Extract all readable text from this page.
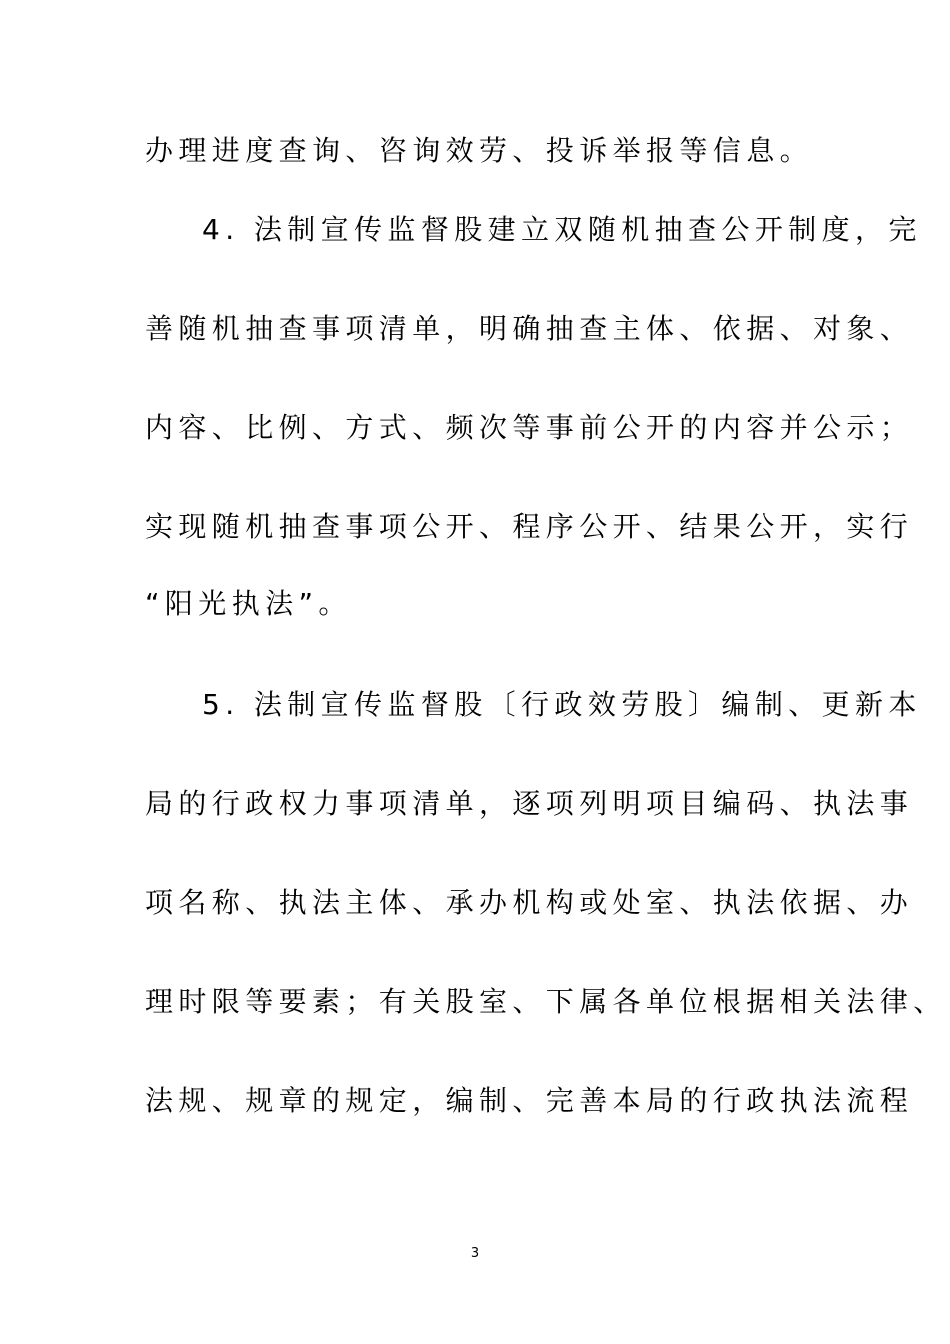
办理进度查询、咨询效劳、投诉举报等信息。
4. 法制宣传监督股建立双随机抽查公开制度，完
善随机抽查事项清单，明确抽查主体、依据、对象、
内容、比例、方式、频次等事前公开的内容并公示；
实现随机抽查事项公开、程序公开、结果公开，实行
“阳光执法”。
5. 法制宣传监督股〔行政效劳股〕编制、更新本
局的行政权力事项清单，逐项列明项目编码、执法事
项名称、执法主体、承办机构或处室、执法依据、办
理时限等要素；有关股室、下属各单位根据相关法律、
法规、规章的规定，编制、完善本局的行政执法流程
3
